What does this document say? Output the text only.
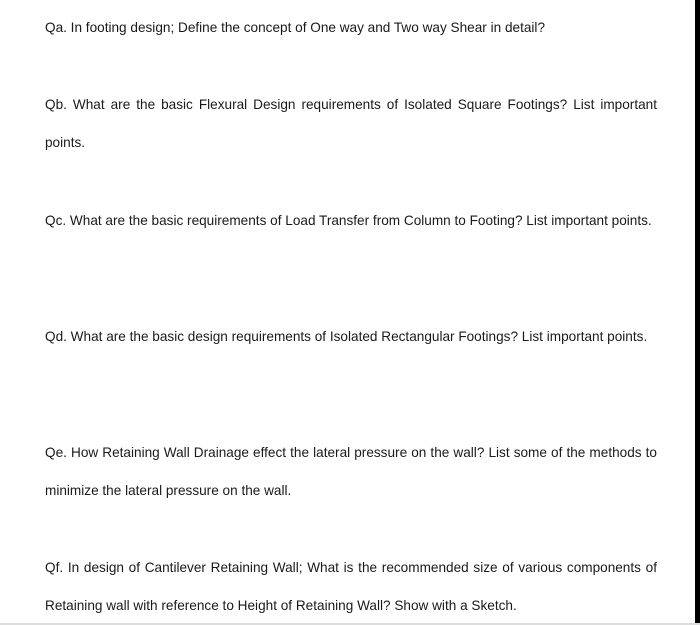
Qa. In footing design; Define the concept of One way and Two way Shear in detail?

Qb. What are the basic Flexural Design requirements of Isolated Square Footings? List important points.

Qc. What are the basic requirements of Load Transfer from Column to Footing? List important points.

Qd. What are the basic design requirements of Isolated Rectangular Footings? List important points.

Qe. How Retaining Wall Drainage effect the lateral pressure on the wall? List some of the methods to minimize the lateral pressure on the wall.

Qf. In design of Cantilever Retaining Wall; What is the recommended size of various components of Retaining wall with reference to Height of Retaining Wall? Show with a Sketch.
